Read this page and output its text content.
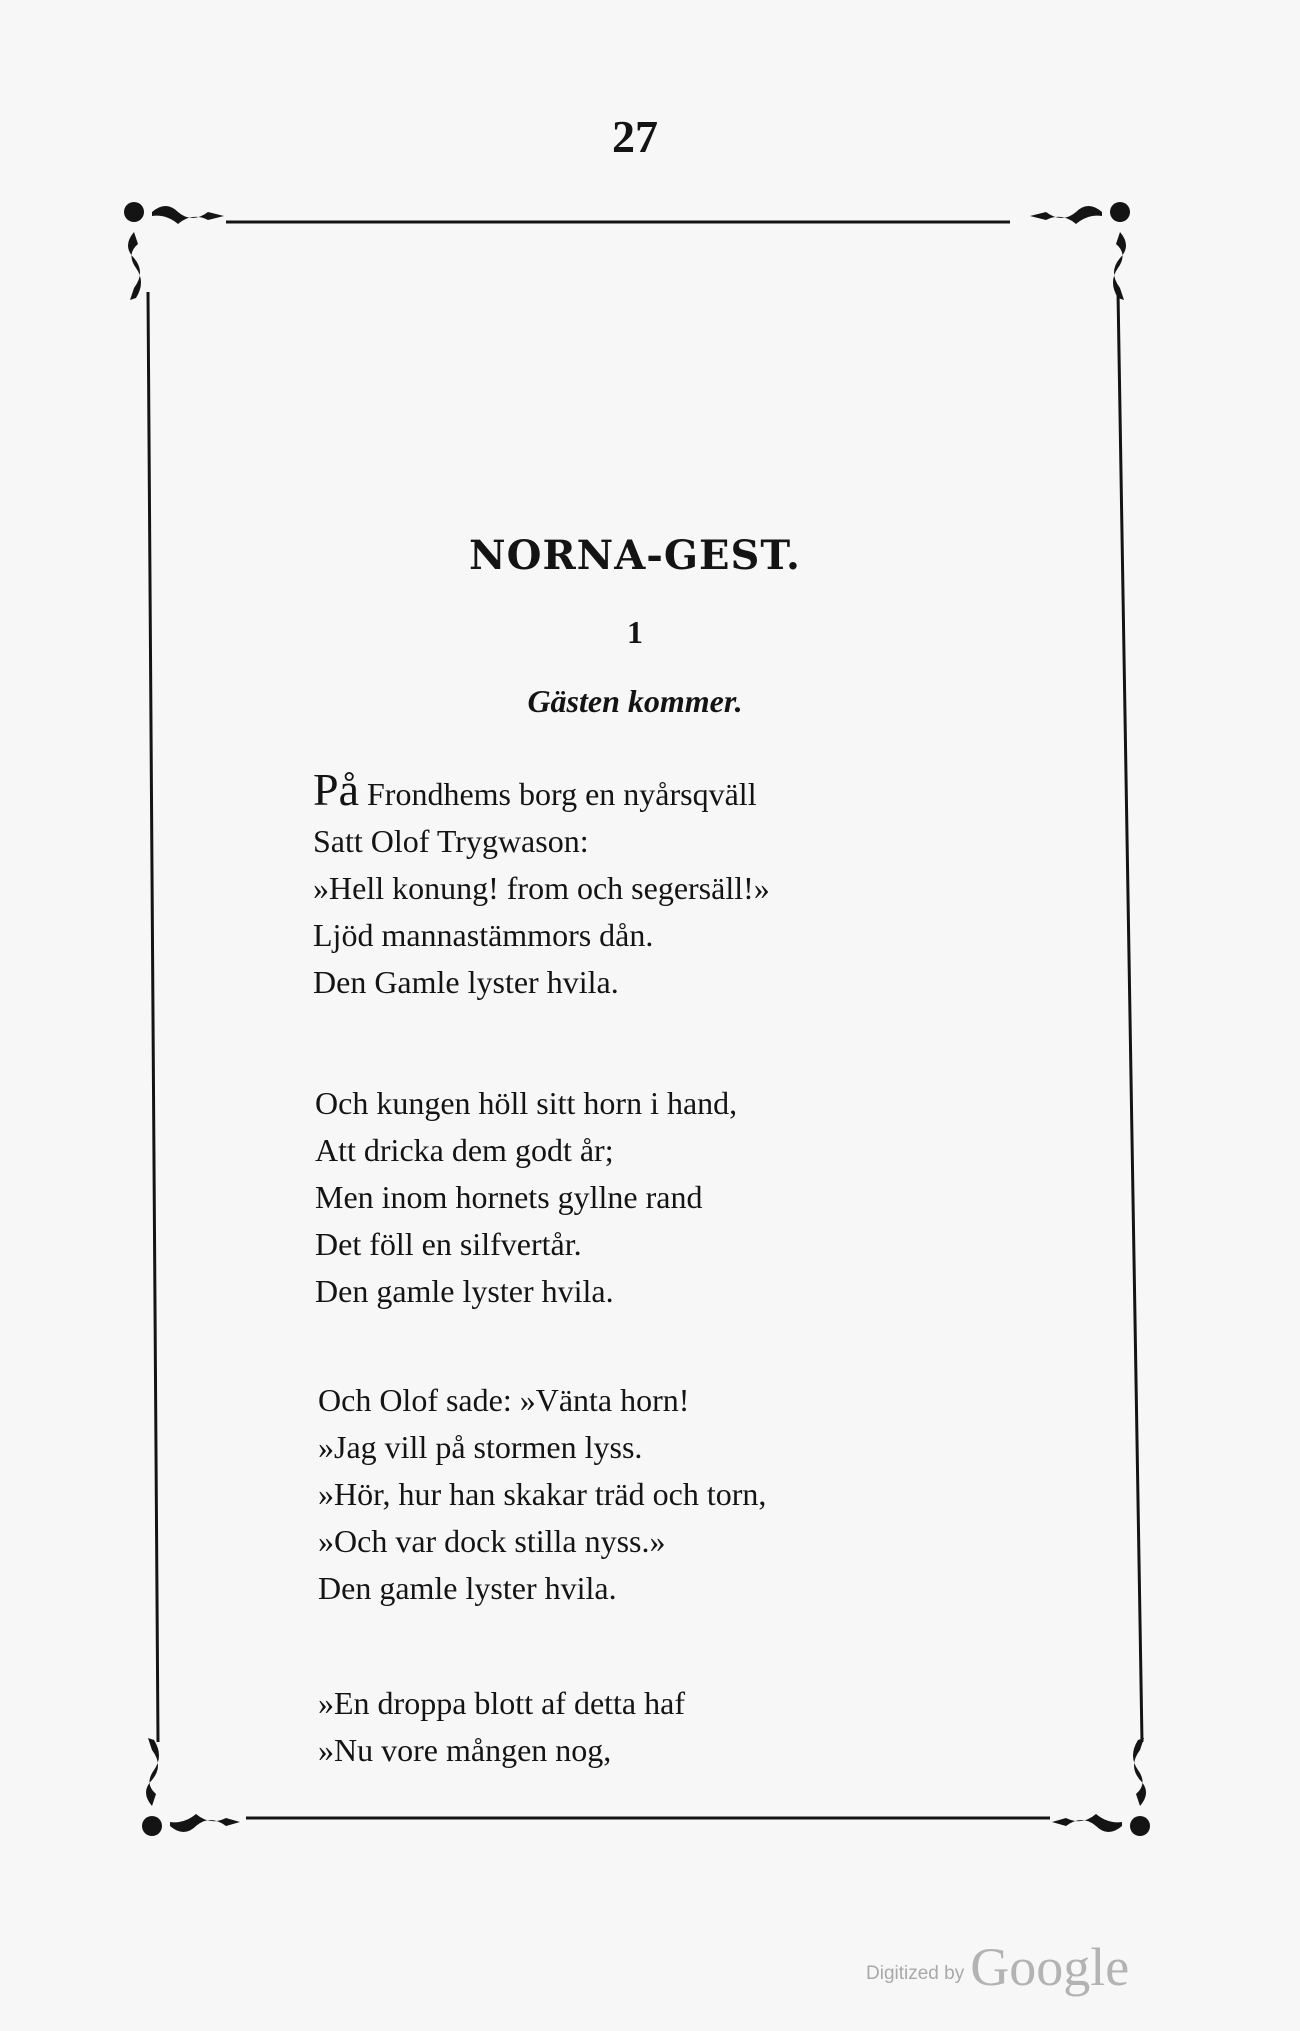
27
NORNA-GEST.
1
Gästen kommer.
På Frondhems borg en nyårsqväll
Satt Olof Trygwason:
»Hell konung! from och segersäll!»
Ljöd mannastämmors dån.
Den Gamle lyster hvila.
Och kungen höll sitt horn i hand,
Att dricka dem godt år;
Men inom hornets gyllne rand
Det föll en silfvertår.
Den gamle lyster hvila.
Och Olof sade: »Vänta horn!
»Jag vill på stormen lyss.
»Hör, hur han skakar träd och torn,
»Och var dock stilla nyss.»
Den gamle lyster hvila.
»En droppa blott af detta haf
»Nu vore mången nog,
Digitized by Google
